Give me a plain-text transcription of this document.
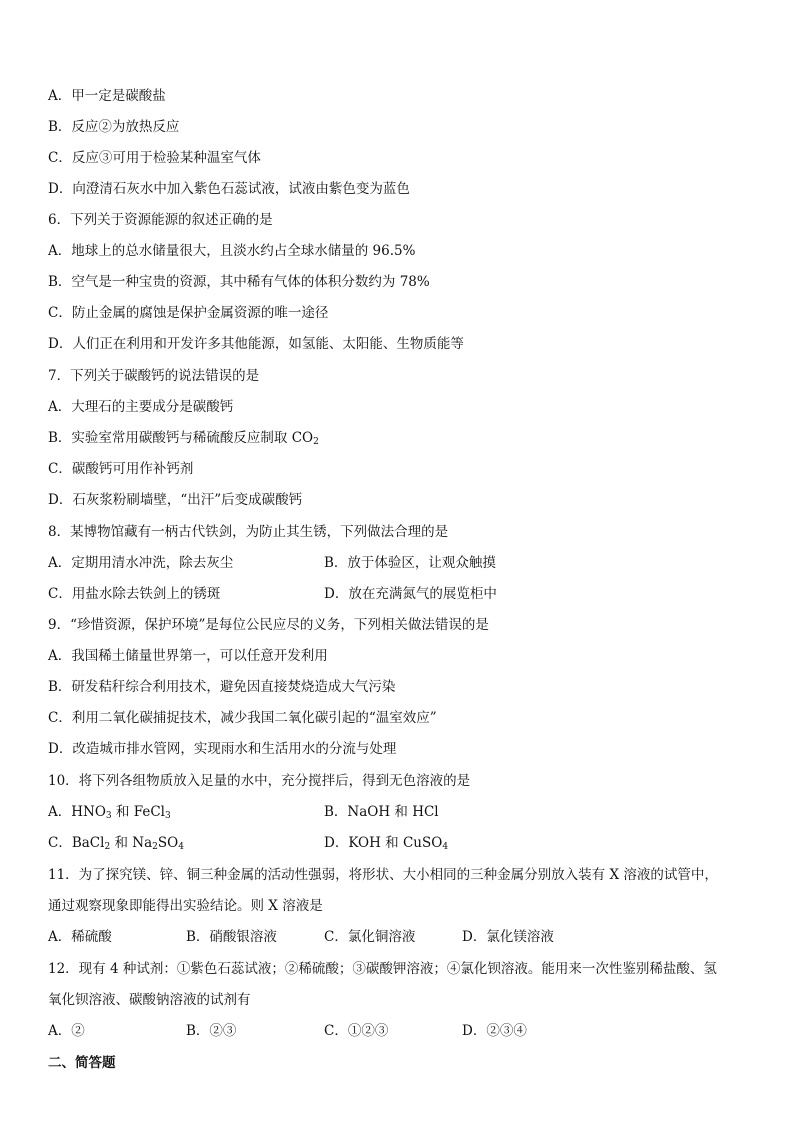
A．甲一定是碳酸盐
B．反应②为放热反应
C．反应③可用于检验某种温室气体
D．向澄清石灰水中加入紫色石蕊试液，试液由紫色变为蓝色
6．下列关于资源能源的叙述正确的是
A．地球上的总水储量很大，且淡水约占全球水储量的 96.5%
B．空气是一种宝贵的资源，其中稀有气体的体积分数约为 78%
C．防止金属的腐蚀是保护金属资源的唯一途径
D．人们正在利用和开发许多其他能源，如氢能、太阳能、生物质能等
7．下列关于碳酸钙的说法错误的是
A．大理石的主要成分是碳酸钙
B．实验室常用碳酸钙与稀硫酸反应制取 $CO_2$
C．碳酸钙可用作补钙剂
D．石灰浆粉刷墙壁，“出汗”后变成碳酸钙
8．某博物馆藏有一柄古代铁剑，为防止其生锈，下列做法合理的是
A．定期用清水冲洗，除去灰尘	B．放于体验区，让观众触摸
C．用盐水除去铁剑上的锈斑	D．放在充满氮气的展览柜中
9．“珍惜资源，保护环境”是每位公民应尽的义务，下列相关做法错误的是
A．我国稀土储量世界第一，可以任意开发利用
B．研发秸秆综合利用技术，避免因直接焚烧造成大气污染
C．利用二氧化碳捕捉技术，减少我国二氧化碳引起的“温室效应”
D．改造城市排水管网，实现雨水和生活用水的分流与处理
10．将下列各组物质放入足量的水中，充分搅拌后，得到无色溶液的是
A．$HNO_3$ 和 FeCl$_3$	B．NaOH 和 HCl
C．BaCl$_2$ 和 $Na_2SO_4$	D．KOH 和 CuSO$_4$
11．为了探究镁、锌、铜三种金属的活动性强弱，将形状、大小相同的三种金属分别放入装有 X 溶液的试管中，
通过观察现象即能得出实验结论。则 X 溶液是
A．稀硫酸	B．硝酸银溶液	C．氯化铜溶液	D．氯化镁溶液
12．现有 4 种试剂：①紫色石蕊试液；②稀硫酸；③碳酸钾溶液；④氯化钡溶液。能用来一次性鉴别稀盐酸、氢
氧化钡溶液、碳酸钠溶液的试剂有
A．②	B．②③	C．①②③	D．②③④
二、简答题
